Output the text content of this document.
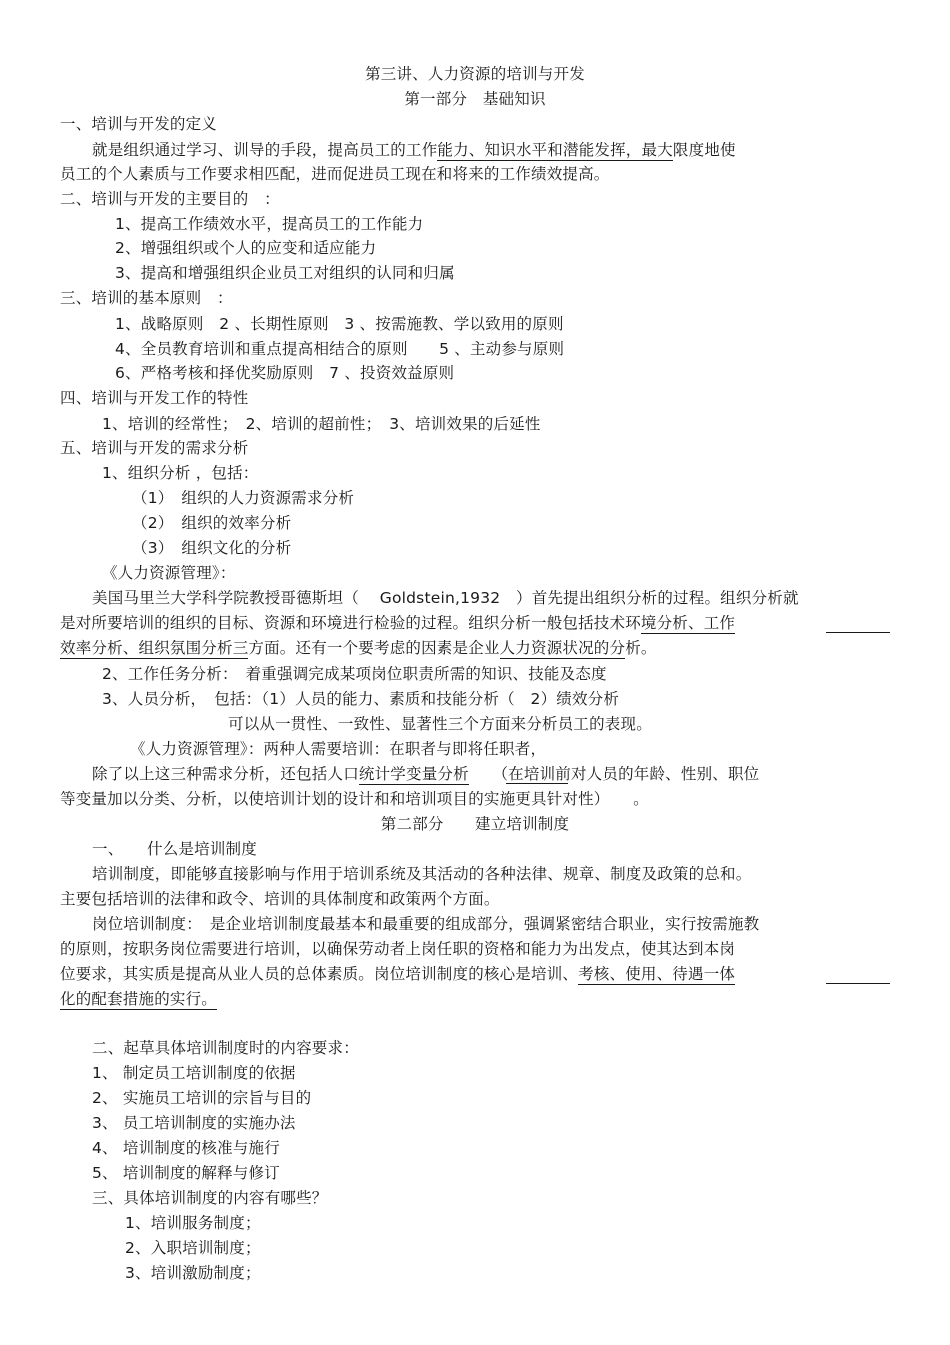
第三讲、人力资源的培训与开发
第一部分　基础知识
一、培训与开发的定义
就是组织通过学习、训导的手段，提高员工的工作能力、知识水平和潜能发挥，最大限度地使
员工的个人素质与工作要求相匹配，进而促进员工现在和将来的工作绩效提高。
二、培训与开发的主要目的　：
1、提高工作绩效水平，提高员工的工作能力
2、增强组织或个人的应变和适应能力
3、提高和增强组织企业员工对组织的认同和归属
三、培训的基本原则　：
1、战略原则　2 、长期性原则　3 、按需施教、学以致用的原则
4、全员教育培训和重点提高相结合的原则　　5 、主动参与原则
6、严格考核和择优奖励原则　7 、投资效益原则
四、培训与开发工作的特性
1、培训的经常性；　2、培训的超前性；　3、培训效果的后延性
五、培训与开发的需求分析
1、组织分析 ，包括：
（1）　组织的人力资源需求分析
（2）　组织的效率分析
（3）　组织文化的分析
《人力资源管理》：
美国马里兰大学科学院教授哥德斯坦（　 Goldstein,1932　）首先提出组织分析的过程。组织分析就
是对所要培训的组织的目标、资源和环境进行检验的过程。组织分析一般包括技术环境分析、工作
效率分析、组织氛围分析三方面。还有一个要考虑的因素是企业人力资源状况的分析。
2、工作任务分析：　着重强调完成某项岗位职责所需的知识、技能及态度
3、人员分析，　包括：（1）人员的能力、素质和技能分析（　2）绩效分析
可以从一贯性、一致性、显著性三个方面来分析员工的表现。
《人力资源管理》：两种人需要培训：在职者与即将任职者，
除了以上这三种需求分析，还包括人口统计学变量分析　　（在培训前对人员的年龄、性别、职位
等变量加以分类、分析，以使培训计划的设计和和培训项目的实施更具针对性）　　。
第二部分　　建立培训制度
一、　　什么是培训制度
培训制度，即能够直接影响与作用于培训系统及其活动的各种法律、规章、制度及政策的总和。
主要包括培训的法律和政令、培训的具体制度和政策两个方面。
岗位培训制度：　是企业培训制度最基本和最重要的组成部分，强调紧密结合职业，实行按需施教
的原则，按职务岗位需要进行培训，以确保劳动者上岗任职的资格和能力为出发点，使其达到本岗
位要求，其实质是提高从业人员的总体素质。岗位培训制度的核心是培训、考核、使用、待遇一体
化的配套措施的实行。
二、起草具体培训制度时的内容要求：
1、 制定员工培训制度的依据
2、 实施员工培训的宗旨与目的
3、 员工培训制度的实施办法
4、 培训制度的核准与施行
5、 培训制度的解释与修订
三、具体培训制度的内容有哪些？
1、培训服务制度；
2、入职培训制度；
3、培训激励制度；
